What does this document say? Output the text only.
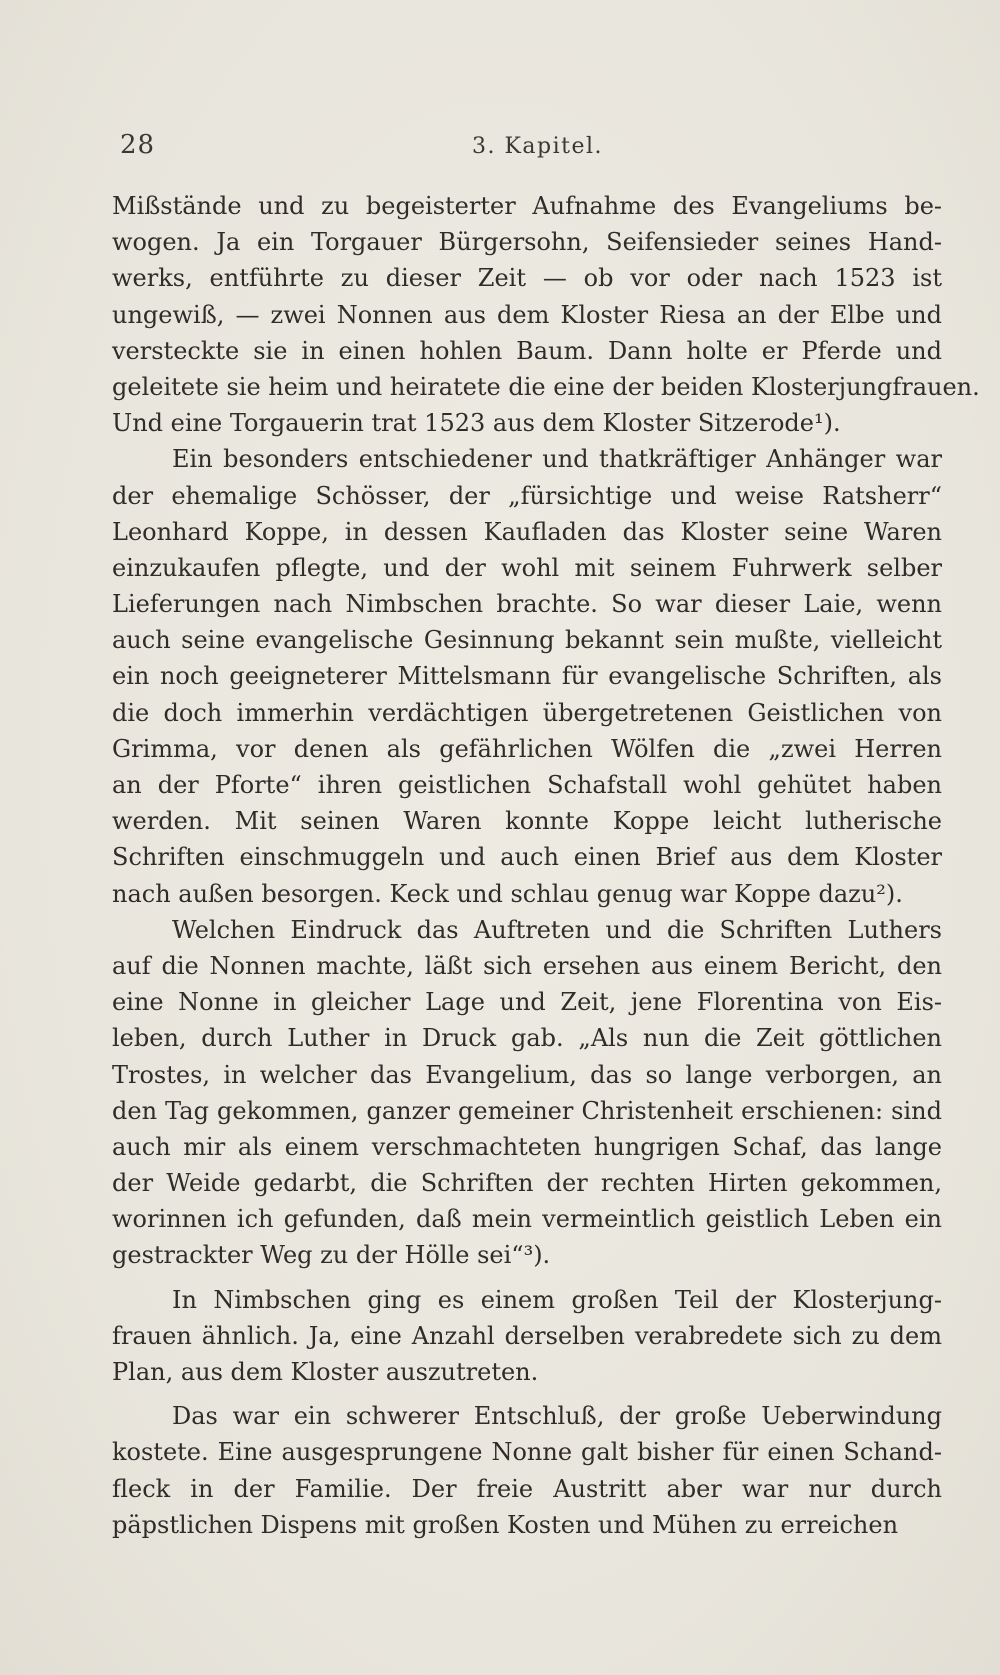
28	3. Kapitel.
Mißstände und zu begeisterter Aufnahme des Evangeliums be-
wogen. Ja ein Torgauer Bürgersohn, Seifensieder seines Hand-
werks, entführte zu dieser Zeit — ob vor oder nach 1523 ist
ungewiß, — zwei Nonnen aus dem Kloster Riesa an der Elbe und
versteckte sie in einen hohlen Baum. Dann holte er Pferde und
geleitete sie heim und heiratete die eine der beiden Klosterjungfrauen.
Und eine Torgauerin trat 1523 aus dem Kloster Sitzerode¹).
Ein besonders entschiedener und thatkräftiger Anhänger war
der ehemalige Schösser, der „fürsichtige und weise Ratsherr“
Leonhard Koppe, in dessen Kaufladen das Kloster seine Waren
einzukaufen pflegte, und der wohl mit seinem Fuhrwerk selber
Lieferungen nach Nimbschen brachte. So war dieser Laie, wenn
auch seine evangelische Gesinnung bekannt sein mußte, vielleicht
ein noch geeigneterer Mittelsmann für evangelische Schriften, als
die doch immerhin verdächtigen übergetretenen Geistlichen von
Grimma, vor denen als gefährlichen Wölfen die „zwei Herren
an der Pforte“ ihren geistlichen Schafstall wohl gehütet haben
werden. Mit seinen Waren konnte Koppe leicht lutherische
Schriften einschmuggeln und auch einen Brief aus dem Kloster
nach außen besorgen. Keck und schlau genug war Koppe dazu²).
Welchen Eindruck das Auftreten und die Schriften Luthers
auf die Nonnen machte, läßt sich ersehen aus einem Bericht, den
eine Nonne in gleicher Lage und Zeit, jene Florentina von Eis-
leben, durch Luther in Druck gab. „Als nun die Zeit göttlichen
Trostes, in welcher das Evangelium, das so lange verborgen, an
den Tag gekommen, ganzer gemeiner Christenheit erschienen: sind
auch mir als einem verschmachteten hungrigen Schaf, das lange
der Weide gedarbt, die Schriften der rechten Hirten gekommen,
worinnen ich gefunden, daß mein vermeintlich geistlich Leben ein
gestrackter Weg zu der Hölle sei“³).
In Nimbschen ging es einem großen Teil der Klosterjung-
frauen ähnlich. Ja, eine Anzahl derselben verabredete sich zu dem
Plan, aus dem Kloster auszutreten.
Das war ein schwerer Entschluß, der große Ueberwindung
kostete. Eine ausgesprungene Nonne galt bisher für einen Schand-
fleck in der Familie. Der freie Austritt aber war nur durch
päpstlichen Dispens mit großen Kosten und Mühen zu erreichen
